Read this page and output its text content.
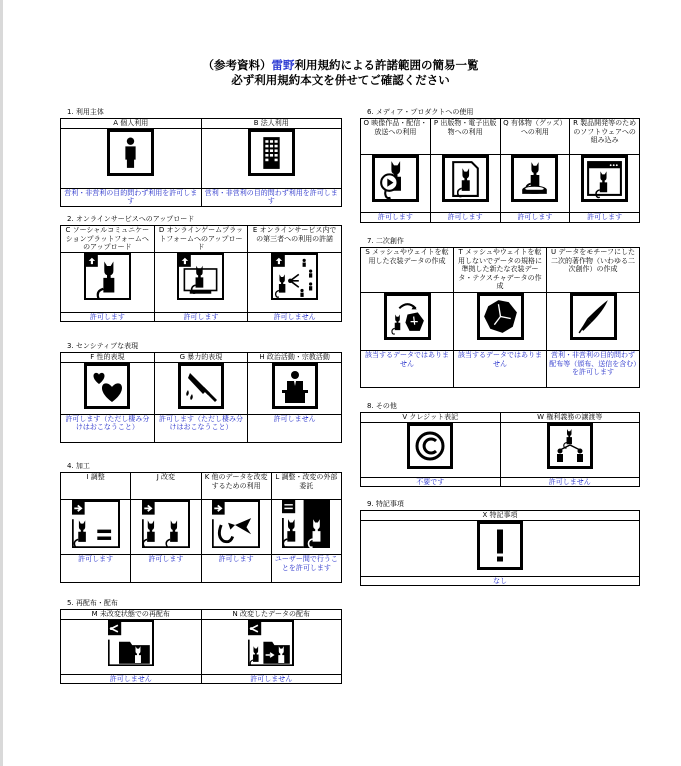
（参考資料）雷野利用規約による許諾範囲の簡易一覧
必ず利用規約本文を併せてご確認ください
1. 利用主体
A 個人利用	B 法人利用

営利・非営利の目的問わず利用を許可します	営利・非営利の目的問わず利用を許可します
2. オンラインサービスへのアップロード
C ソーシャルコミュニケーションプラットフォームへのアップロード	D オンラインゲームプラットフォームへのアップロード	E オンラインサービス内での第三者への利用の許諾

許可します	許可します	許可しません
3. センシティブな表現
F 性的表現	G 暴力的表現	H 政治活動・宗教活動

許可します（ただし棲み分けはおこなうこと）	許可します（ただし棲み分けはおこなうこと）	許可しません
4. 加工
I 調整	J 改変	K 他のデータを改変するための利用	L 調整・改変の外部委託

許可します	許可します	許可します	ユーザー間で行うことを許可します
5. 再配布・配布
M 未改変状態での再配布	N 改変したデータの配布

許可しません	許可しません
6. メディア・プロダクトへの使用
O 映像作品・配信・放送への利用	P 出版物・電子出版物への利用	Q 有体物（グッズ）への利用	R 製品開発等のためのソフトウェアへの組み込み

許可します	許可します	許可します	許可します
7. 二次創作
S メッシュやウェイトを転用した衣装データの作成	T メッシュやウェイトを転用しないでデータの規格に準拠した新たな衣装データ・テクスチャデータの作成	U データをモチーフにした二次的著作物（いわゆる二次創作）の作成

該当するデータではありません	該当するデータではありません	営利・非営利の目的問わず配布等（頒布、送信を含む）を許可します
8. その他
V クレジット表記	W 権利義務の譲渡等

不要です	許可しません
9. 特記事項
X 特記事項

なし
